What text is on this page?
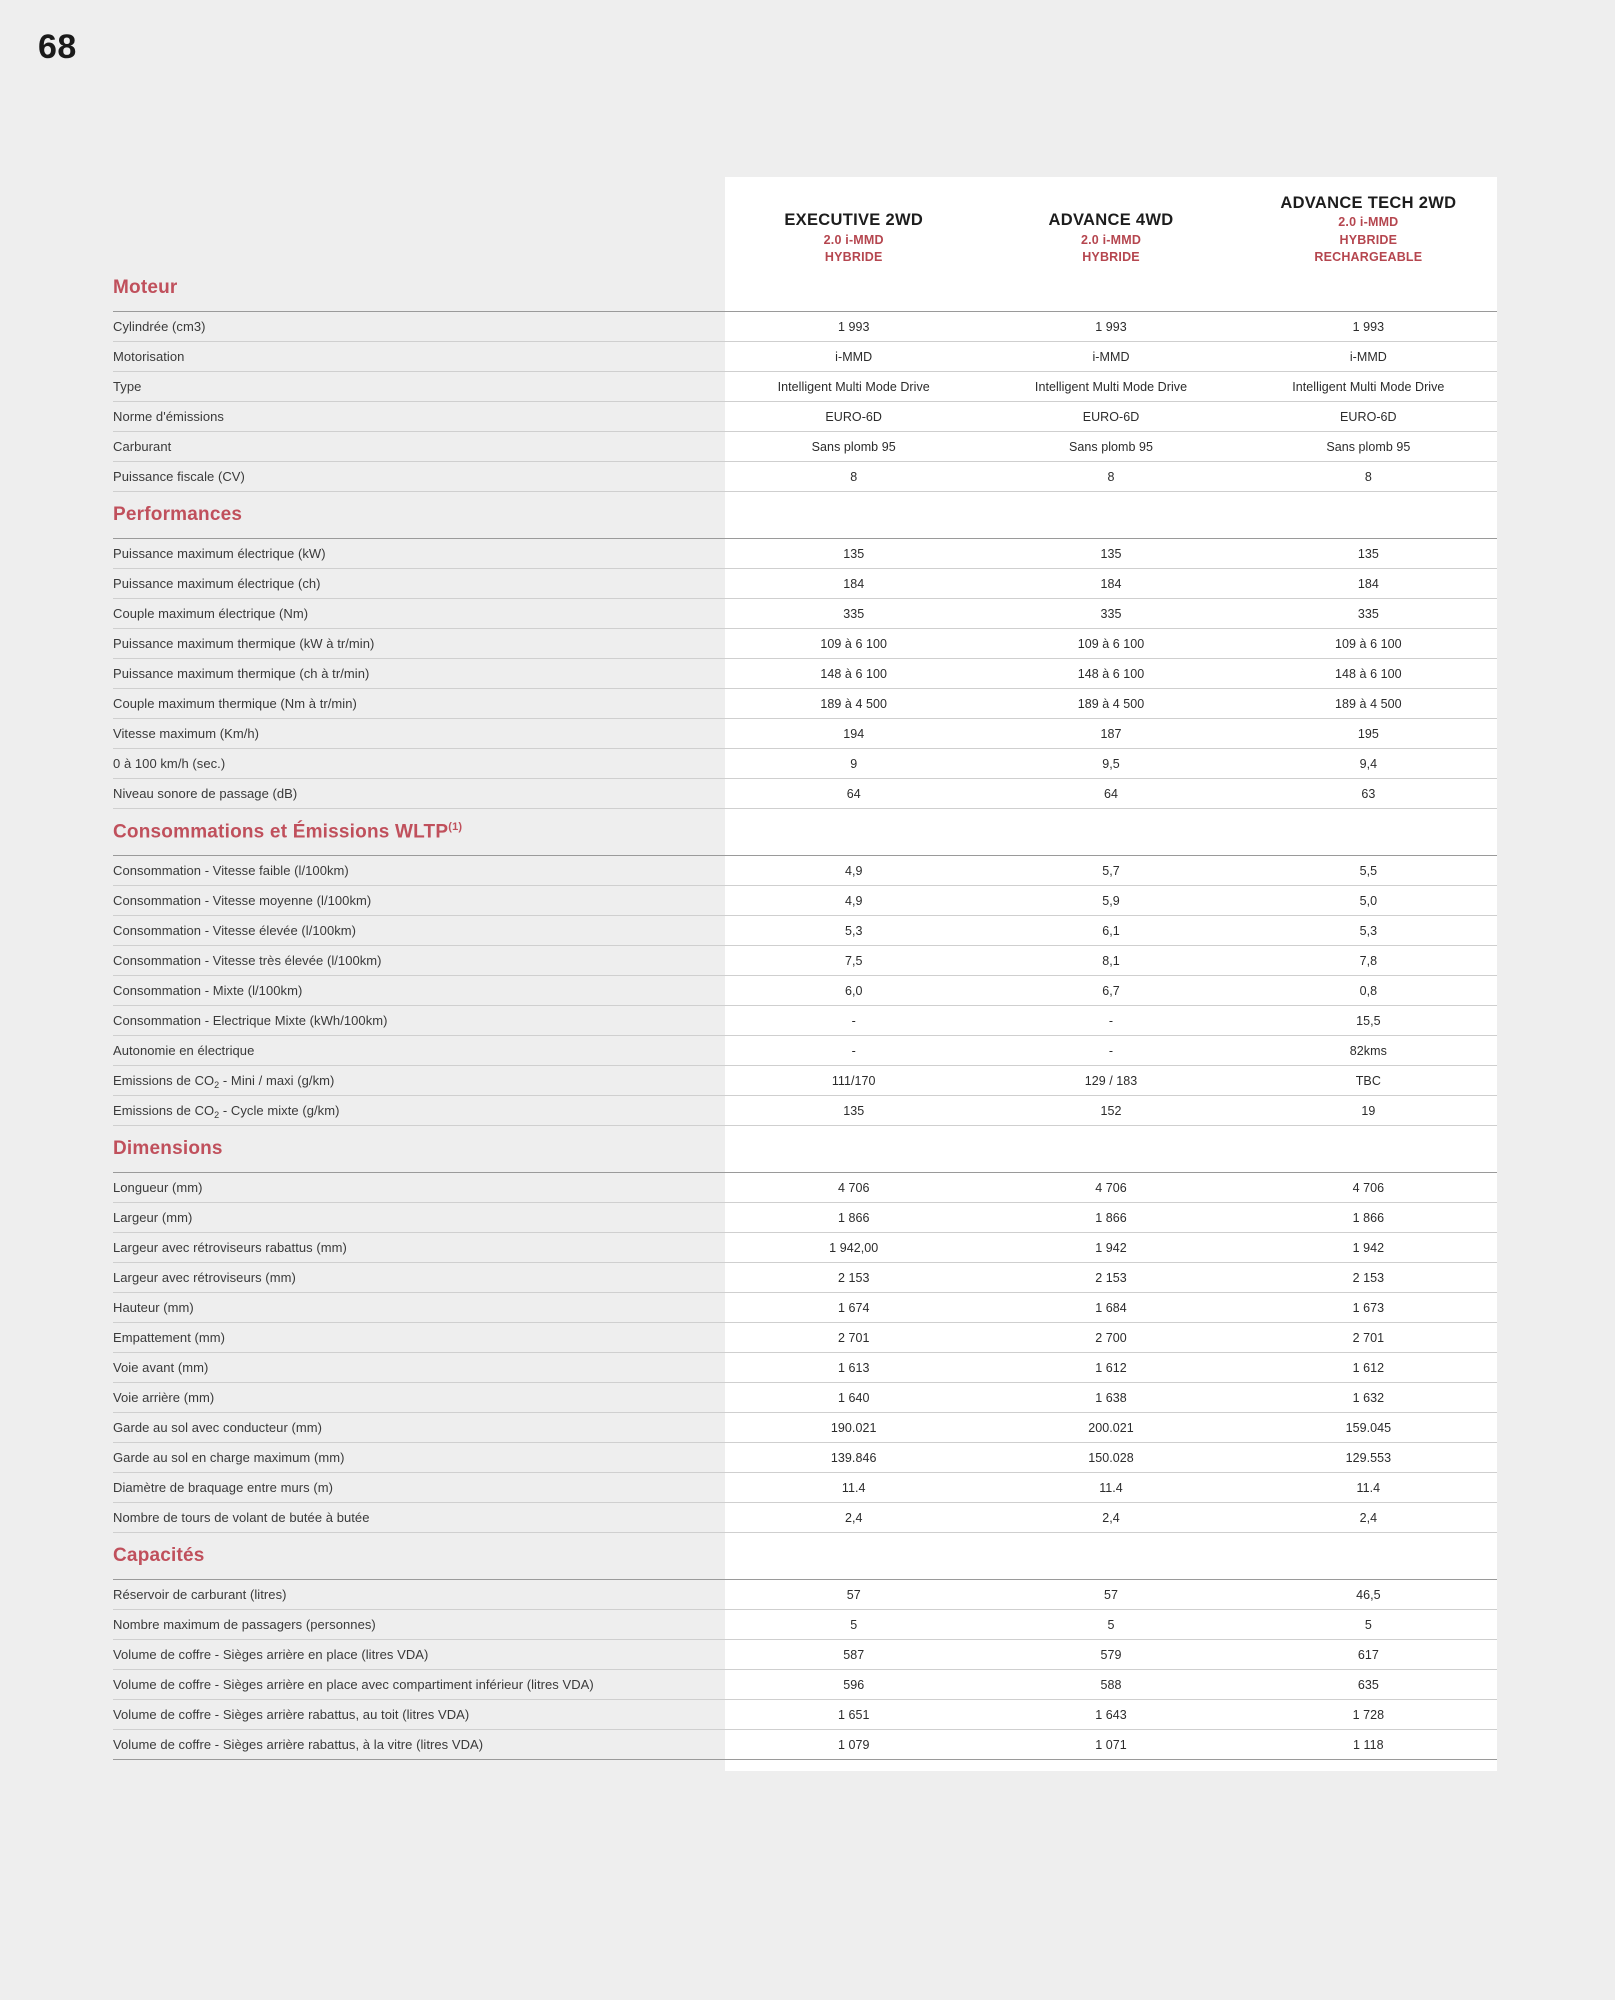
68

EXECUTIVE 2WD
2.0 i-MMD
HYBRIDE

ADVANCE 4WD
2.0 i-MMD
HYBRIDE

ADVANCE TECH 2WD
2.0 i-MMD
HYBRIDE
RECHARGEABLE

Moteur			
Cylindrée (cm3)	1 993	1 993	1 993
Motorisation	i-MMD	i-MMD	i-MMD
Type	Intelligent Multi Mode Drive	Intelligent Multi Mode Drive	Intelligent Multi Mode Drive
Norme d'émissions	EURO-6D	EURO-6D	EURO-6D
Carburant	Sans plomb 95	Sans plomb 95	Sans plomb 95
Puissance fiscale (CV)	8	8	8
Performances			
Puissance maximum électrique (kW)	135	135	135
Puissance maximum électrique (ch)	184	184	184
Couple maximum électrique (Nm)	335	335	335
Puissance maximum thermique (kW à tr/min)	109 à 6 100	109 à 6 100	109 à 6 100
Puissance maximum thermique (ch à tr/min)	148 à 6 100	148 à 6 100	148 à 6 100
Couple maximum thermique (Nm à tr/min)	189 à 4 500	189 à 4 500	189 à 4 500
Vitesse maximum (Km/h)	194	187	195
0 à 100 km/h (sec.)	9	9,5	9,4
Niveau sonore de passage (dB)	64	64	63
Consommations et Émissions WLTP$^{(1)}$			
Consommation - Vitesse faible (l/100km)	4,9	5,7	5,5
Consommation - Vitesse moyenne (l/100km)	4,9	5,9	5,0
Consommation - Vitesse élevée (l/100km)	5,3	6,1	5,3
Consommation - Vitesse très élevée (l/100km)	7,5	8,1	7,8
Consommation - Mixte (l/100km)	6,0	6,7	0,8
Consommation - Electrique Mixte (kWh/100km)	-	-	15,5
Autonomie en électrique	-	-	82kms
Emissions de $CO_2$ - Mini / maxi (g/km)	111/170	129 / 183	TBC
Emissions de $CO_2$ - Cycle mixte (g/km)	135	152	19
Dimensions			
Longueur (mm)	4 706	4 706	4 706
Largeur (mm)	1 866	1 866	1 866
Largeur avec rétroviseurs rabattus (mm)	1 942,00	1 942	1 942
Largeur avec rétroviseurs (mm)	2 153	2 153	2 153
Hauteur (mm)	1 674	1 684	1 673
Empattement (mm)	2 701	2 700	2 701
Voie avant (mm)	1 613	1 612	1 612
Voie arrière (mm)	1 640	1 638	1 632
Garde au sol avec conducteur (mm)	190.021	200.021	159.045
Garde au sol en charge maximum (mm)	139.846	150.028	129.553
Diamètre de braquage entre murs (m)	11.4	11.4	11.4
Nombre de tours de volant de butée à butée	2,4	2,4	2,4
Capacités			
Réservoir de carburant (litres)	57	57	46,5
Nombre maximum de passagers (personnes)	5	5	5
Volume de coffre - Sièges arrière en place (litres VDA)	587	579	617
Volume de coffre - Sièges arrière en place avec compartiment inférieur (litres VDA)	596	588	635
Volume de coffre - Sièges arrière rabattus, au toit (litres VDA)	1 651	1 643	1 728
Volume de coffre - Sièges arrière rabattus, à la vitre (litres VDA)	1 079	1 071	1 118
